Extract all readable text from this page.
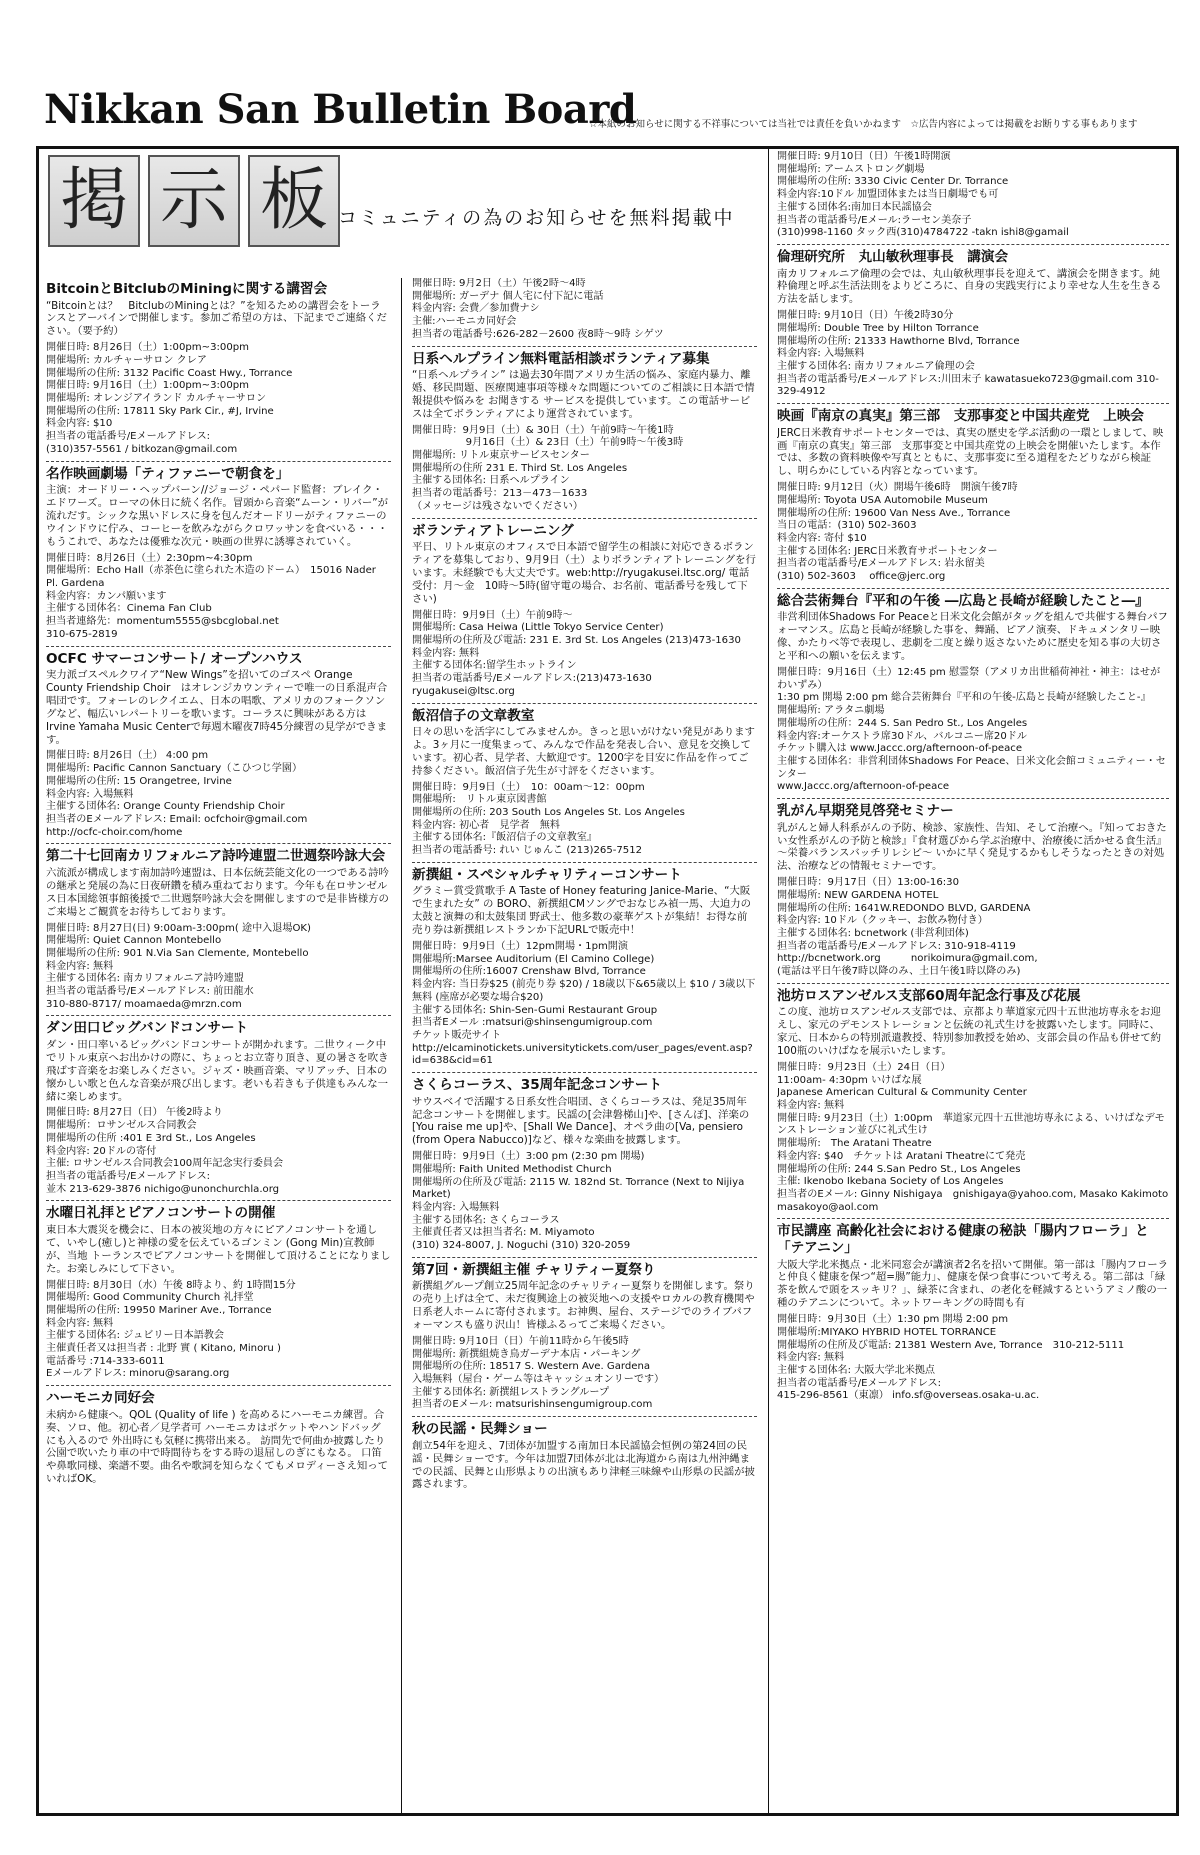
Nikkan San Bulletin Board
☆本紙のお知らせに関する不祥事については当社では責任を負いかねます　☆広告内容によっては掲載をお断りする事もあります
掲 示 板 コミュニティの為のお知らせを無料掲載中
BitcoinとBitclubのMiningに関する講習会

“Bitcoinとは？　BitclubのMiningとは？”を知るための講習会をトーランスとアーバインで開催します。参加ご希望の方は、下記までご連絡ください。（要予約）

開催日時: 8月26日（土）1:00pm~3:00pm
開催場所: カルチャーサロン クレア
開催場所の住所: 3132 Pacific Coast Hwy., Torrance
開催日時: 9月16日（土）1:00pm~3:00pm
開催場所: オレンジアイランド カルチャーサロン
開催場所の住所: 17811 Sky Park Cir., #J, Irvine
料金内容: $10
担当者の電話番号/Eメールアドレス:
(310)357-5561 / bitkozan@gmail.com
名作映画劇場「ティファニーで朝食を」

主演：オードリー・ヘップバーン//ジョージ・ペパード監督：ブレイク・エドワーズ。ローマの休日に続く名作。冒頭から音楽“ムーン・リバー”が流れだす。シックな黒いドレスに身を包んだオードリーがティファニーのウインドウに佇み、コーヒーを飲みながらクロワッサンを食べいる・・・もうこれで、あなたは優雅な次元・映画の世界に誘導されていく。

開催日時：8月26日（土）2:30pm~4:30pm
開催場所：Echo Hall（赤茶色に塗られた木造のドーム）　15016 Nader Pl. Gardena
料金内容：カンパ願います
主催する団体名：Cinema Fan Club
担当者連絡先：momentum5555@sbcglobal.net
310-675-2819
OCFC サマーコンサート/ オープンハウス

実力派ゴスペルクワイア“New Wings”を招いてのゴスペ Orange County Friendship Choir　はオレンジカウンティーで唯一の日系混声合唱団です。フォーレのレクイエム、日本の唱歌、アメリカのフォークソングなど、幅広いレパートリーを歌います。コーラスに興味がある方は Irvine Yamaha Music Centerで毎週木曜夜7時45分練習の見学ができます。

開催日時: 8月26日（土） 4:00 pm
開催場所: Pacific Cannon Sanctuary（こひつじ学園）
開催場所の住所: 15 Orangetree, Irvine
料金内容: 入場無料
主催する団体名: Orange County Friendship Choir
担当者のEメールアドレス: Email: ocfchoir@gmail.com
http://ocfc-choir.com/home
第二十七回南カリフォルニア詩吟連盟二世週祭吟詠大会

六流派が構成します南加詩吟連盟は、日本伝統芸能文化の一つである詩吟の継承と発展の為に日夜研鑽を積み重ねております。今年も在ロサンゼルス日本国総領事館後援で二世週祭吟詠大会を開催しますので是非皆様方のご来場とご観賞をお待ちしております。

開催日時: 8月27日(日) 9:00am-3:00pm( 途中入退場OK)
開催場所: Quiet Cannon Montebello
開催場所の住所: 901 N.Via San Clemente, Montebello
料金内容: 無料
主催する団体名: 南カリフォルニア詩吟連盟
担当者の電話番号/Eメールアドレス: 前田龍水
310-880-8717/ moamaeda@mrzn.com
ダン田口ビッグバンドコンサート

ダン・田口率いるビッグバンドコンサートが開かれます。二世ウィーク中でリトル東京へお出かけの際に、ちょっとお立寄り頂き、夏の暑さを吹き飛ばす音楽をお楽しみください。ジャズ・映画音楽、マリアッチ、日本の懐かしい歌と色んな音楽が飛び出します。老いも若きも子供達もみんな一緒に楽しめます。

開催日時: 8月27日（日） 午後2時より
開催場所：ロサンゼルス合同教会
開催場所の住所 :401 E 3rd St., Los Angeles
料金内容: 20ドルの寄付
主催: ロサンゼルス合同教会100周年記念実行委員会
担当者の電話番号/Eメールアドレス:
並木 213-629-3876 nichigo@unonchurchla.org
水曜日礼拝とピアノコンサートの開催

東日本大震災を機会に、日本の被災地の方々にピアノコンサートを通して、いやし(癒し)と神様の愛を伝えているゴンミン (Gong Min)宣教師が、当地 トーランスでピアノコンサートを開催して頂けることになりました。お楽しみにして下さい。

開催日時: 8月30日（水）午後 8時より、約 1時間15分
開催場所: Good Community Church 礼拝堂
開催場所の住所: 19950 Mariner Ave., Torrance
料金内容: 無料
主催する団体名: ジュビリー日本語教会
主催責任者又は担当者 : 北野 實 ( Kitano, Minoru )
電話番号 :714-333-6011
Eメールアドレス: minoru@sarang.org
ハーモニカ同好会

未病から健康へ。QOL (Quality of life ) を高めるにハーモニカ練習。合奏、ソロ、他。初心者／見学者可 ハーモニカはポケットやハンドバッグにも入るので 外出時にも気軽に携帯出来る。 訪問先で何曲か披露したり公園で吹いたり車の中で時間待ちをする時の退屈しのぎにもなる。 口笛や鼻歌同様、楽譜不要。曲名や歌詞を知らなくてもメロディーさえ知っていればOK。

開催日時: 9月2日（土）午後2時～4時
開催場所: ガーデナ 個人宅に付下記に電話
料金内容: 会費／参加費ナシ
主催:ハーモニカ同好会
担当者の電話番号:626-282－2600 夜8時～9時 シゲツ
日系ヘルプライン無料電話相談ボランティア募集

“日系ヘルプライン” は過去30年間アメリカ生活の悩み、家庭内暴力、離婚、移民問題、医療関連事項等様々な問題についてのご相談に日本語で情報提供や悩みを お聞きする サービスを提供しています。この電話サービスは全てボランティアにより運営されています。

開催日時：9月9日（土）& 30日（土）午前9時～午後1時
　　　　　 9月16日（土）& 23日（土）午前9時～午後3時
開催場所: リトル東京サービスセンター
開催場所の住所 231 E. Third St. Los Angeles
主催する団体名: 日系ヘルプライン
担当者の電話番号：213－473－1633
（メッセージは残さないでください）
ボランティアトレーニング

平日、リトル東京のオフィスで日本語で留学生の相談に対応できるボランティアを募集しており、9月9日（土）よりボランティアトレーニングを行います。未経験でも大丈夫です。web:http://ryugakusei.ltsc.org/ 電話受付：月～金　10時～5時(留守電の場合、お名前、電話番号を残して下さい)

開催日時：9月9日（土）午前9時～
開催場所: Casa Heiwa (Little Tokyo Service Center)
開催場所の住所及び電話: 231 E. 3rd St. Los Angeles (213)473-1630
料金内容: 無料
主催する団体名:留学生ホットライン
担当者の電話番号/Eメールアドレス:(213)473-1630
ryugakusei@ltsc.org
飯沼信子の文章教室

日々の思いを活字にしてみませんか。きっと思いがけない発見がありますよ。3ヶ月に一度集まって、みんなで作品を発表し合い、意見を交換しています。初心者、見学者、大歓迎です。1200字を目安に作品を作ってご持参ください。飯沼信子先生が寸評をくださいます。

開催日時：9月9日（土）　10：00am～12：00pm
開催場所:　リトル東京図書館
開催場所の住所: 203 South Los Angeles St. Los Angeles
料金内容: 初心者　見学者　無料
主催する団体名:『飯沼信子の文章教室』
担当者の電話番号: れい じゅんこ (213)265-7512
新撰組・スペシャルチャリティーコンサート

グラミー賞受賞歌手 A Taste of Honey featuring Janice-Marie、“大阪で生まれた女” の BORO、新撰組CMソングでおなじみ禎一馬、大迫力の太鼓と演舞の和太鼓集団 野武士、他多数の豪華ゲストが集結！お得な前売り券は新撰組レストランか下記URLで販売中！

開催日時：9月9日（土）12pm開場・1pm開演
開催場所:Marsee Auditorium (El Camino College)
開催場所の住所:16007 Crenshaw Blvd, Torrance
料金内容: 当日券$25 (前売り券 $20) / 18歳以下&65歳以上 $10 / 3歳以下無料 (座席が必要な場合$20)
主催する団体名: Shin-Sen-Gumi Restaurant Group
担当者Eメール :matsuri@shinsengumigroup.com
チケット販売サイト http://elcaminotickets.universitytickets.com/user_pages/event.asp?id=638&cid=61
さくらコーラス、35周年記念コンサート

サウスベイで活躍する日系女性合唱団、さくらコーラスは、発足35周年記念コンサートを開催します。民謡の[会津磐梯山]や、[さんぽ]、洋楽の[You raise me up]や、[Shall We Dance]、オペラ曲の[Va, pensiero (from Opera Nabucco)]など、様々な楽曲を披露します。

開催日時：9月9日（土）3:00 pm (2:30 pm 開場)
開催場所: Faith United Methodist Church
開催場所の住所及び電話: 2115 W. 182nd St. Torrance (Next to Nijiya Market)
料金内容: 入場無料
主催する団体名: さくらコーラス
主催責任者又は担当者名: M. Miyamoto
(310) 324-8007, J. Noguchi (310) 320-2059
第7回・新撰組主催 チャリティー夏祭り

新撰組グループ創立25周年記念のチャリティー夏祭りを開催します。祭りの売り上げは全て、未だ復興途上の被災地への支援やロカルの教育機関や日系老人ホームに寄付されます。お神輿、屋台、ステージでのライブパフォーマンスも盛り沢山！皆様ふるってご来場ください。

開催日時: 9月10日（日）午前11時から午後5時
開催場所: 新撰組焼き鳥ガーデナ本店・パーキング
開催場所の住所: 18517 S. Western Ave. Gardena
入場無料（屋台・ゲーム等はキャッシュオンリーです）
主催する団体名: 新撰組レストラングループ
担当者のEメール: matsurishinsengumigroup.com
秋の民謡・民舞ショー

創立54年を迎え、7団体が加盟する南加日本民謡協会恒例の第24回の民謡・民舞ショーです。今年は加盟7団体が北は北海道から南は九州沖縄までの民謡、民舞と山形県よりの出演もあり津軽三味線や山形県の民謡が披露されます。

開催日時: 9月10日（日）午後1時開演
開催場所: アームストロング劇場
開催場所の住所: 3330 Civic Center Dr. Torrance
料金内容:10ドル 加盟団体または当日劇場でも可
主催する団体名:南加日本民謡協会
担当者の電話番号/Eメール:ラーセン美奈子
(310)998-1160 タック西(310)4784722 -takn ishi8@gamail
倫理研究所　丸山敏秋理事長　講演会

南カリフォルニア倫理の会では、丸山敏秋理事長を迎えて、講演会を開きます。純粋倫理と呼ぶ生活法則をよりどころに、自身の実践実行により幸せな人生を生きる方法を話します。

開催日時: 9月10日（日）午後2時30分
開催場所: Double Tree by Hilton Torrance
開催場所の住所: 21333 Hawthorne Blvd, Torrance
料金内容: 入場無料
主催する団体名: 南カリフォルニア倫理の会
担当者の電話番号/Eメールアドレス:川田末子 kawatasueko723@gmail.com 310-329-4912
映画『南京の真実』第三部　支那事変と中国共産党　上映会

JERC日米教育サポートセンターでは、真実の歴史を学ぶ活動の一環としまして、映画『南京の真実』第三部　支那事変と中国共産党の上映会を開催いたします。本作では、多数の資料映像や写真とともに、支那事変に至る道程をたどりながら検証し、明らかにしている内容となっています。

開催日時: 9月12日（火）開場午後6時　開演午後7時
開催場所: Toyota USA Automobile Museum
開催場所の住所: 19600 Van Ness Ave., Torrance
当日の電話：(310) 502-3603
料金内容: 寄付 $10
主催する団体名: JERC日米教育サポートセンター
担当者の電話番号/Eメールアドレス: 岩永留美
(310) 502-3603　 office@jerc.org
総合芸術舞台『平和の午後 ―広島と長崎が経験したこと―』

非営利団体Shadows For Peaceと日米文化会館がタッグを組んで共催する舞台パフォーマンス。広島と長崎が経験した事を、舞踊、ピアノ演奏、ドキュメンタリー映像、かたりべ等で表現し、悲劇を二度と繰り返さないために歴史を知る事の大切さと平和への願いを伝えます。

開催日時：9月16日（土）12:45 pm 慰霊祭（アメリカ出世稲荷神社・神主：はせがわいずみ）
1:30 pm 開場 2:00 pm 総合芸術舞台『平和の午後-広島と長崎が経験したこと-』
開催場所: アラタニ劇場
開催場所の住所：244 S. San Pedro St., Los Angeles
料金内容:オーケストラ席30ドル、バルコニー席20ドル
チケット購入は www.Jaccc.org/afternoon-of-peace
主催する団体名：非営利団体Shadows For Peace、日米文化会館コミュニティー・センター
www.Jaccc.org/afternoon-of-peace
乳がん早期発見啓発セミナー

乳がんと婦人科系がんの予防、検診、家族性、告知、そして治療へ。『知っておきたい女性系がんの予防と検診』『食材選びから学ぶ治療中、治療後に活かせる食生活』～栄養バランスバッチリレシピ～ いかに早く発見するかもしそうなったときの対処法、治療などの情報セミナーです。

開催日時：9月17日（日）13:00-16:30
開催場所: NEW GARDENA HOTEL
開催場所の住所: 1641W.REDONDO BLVD, GARDENA
料金内容: 10ドル（クッキー、お飲み物付き）
主催する団体名: bcnetwork (非営利団体)
担当者の電話番号/Eメールアドレス: 310-918-4119
http://bcnetwork.org　　　norikoimura@gmail.com,
(電話は平日午後7時以降のみ、土日午後1時以降のみ)
池坊ロスアンゼルス支部60周年記念行事及び花展

この度、池坊ロスアンゼルス支部では、京都より華道家元四十五世池坊専永をお迎えし、家元のデモンストレーションと伝統の礼式生けを披露いたします。同時に、家元、日本からの特別派遣教授、特別参加教授を始め、支部会員の作品も併せて約100瓶のいけばなを展示いたします。

開催日時：9月23日（土）24日（日）
11:00am- 4:30pm いけばな展
Japanese American Cultural & Community Center
料金内容: 無料
開催日時: 9月23日（土）1:00pm　華道家元四十五世池坊専永による、いけばなデモンストレーション並びに礼式生け
開催場所:　The Aratani Theatre
料金内容: $40　チケットは Aratani Theatreにて発売
開催場所の住所: 244 S.San Pedro St., Los Angeles
主催: Ikenobo Ikebana Society of Los Angeles
担当者のEメール: Ginny Nishigaya　gnishigaya@yahoo.com, Masako Kakimoto masakoyo@aol.com
市民講座 高齢化社会における健康の秘訣「腸内フローラ」と「テアニン」

大阪大学北米拠点・北米同窓会が講演者2名を招いて開催。第一部は「腸内フローラと仲良く健康を保つ“超=腸”能力」、健康を保つ食事について考える。第二部は「緑茶を飲んで頭をスッキリ？」、緑茶に含まれ、の老化を軽減するというアミノ酸の一種のテアニンについて。ネットワーキングの時間も有

開催日時：9月30日（土）1:30 pm 開場 2:00 pm
開催場所:MIYAKO HYBRID HOTEL TORRANCE
開催場所の住所及び電話: 21381 Western Ave, Torrance　310-212-5111
料金内容: 無料
主催する団体名: 大阪大学北米拠点
担当者の電話番号/Eメールアドレス:
415-296-8561（東凛） info.sf@overseas.osaka-u.ac.
